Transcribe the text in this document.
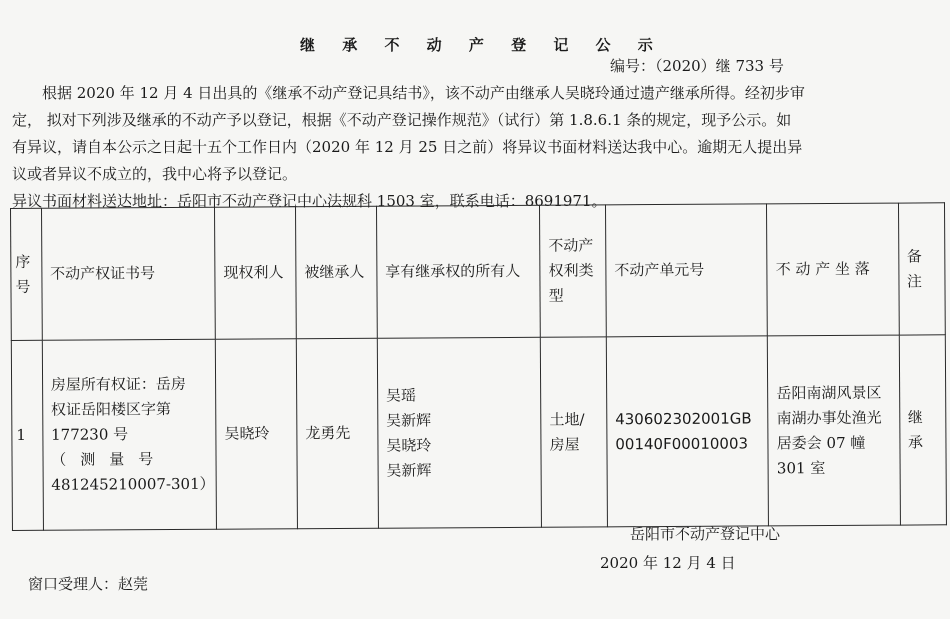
继 承 不 动 产 登 记 公 示
编号：（2020）继 733 号
根据 2020 年 12 月 4 日出具的《继承不动产登记具结书》，该不动产由继承人吴晓玲通过遗产继承所得。经初步审
定， 拟对下列涉及继承的不动产予以登记，根据《不动产登记操作规范》（试行）第 1.8.6.1 条的规定，现予公示。如
有异议，请自本公示之日起十五个工作日内（2020 年 12 月 25 日之前）将异议书面材料送达我中心。逾期无人提出异
议或者异议不成立的，我中心将予以登记。
异议书面材料送达地址：岳阳市不动产登记中心法规科 1503 室，联系电话：8691971。
序号	不动产权证书号	现权利人	被继承人	享有继承权的所有人	不动产权利类型	不动产单元号	不 动 产 坐 落	备注
1	房屋所有权证：岳房
权证岳阳楼区字第
177230 号
（测量号
481245210007-301）	吴晓玲	龙勇先	吴瑶
吴新辉
吴晓玲
吴新辉	土地/房屋	430602302001GB00140F00010003	岳阳南湖风景区南湖办事处渔光居委会 07 幢 301 室	继承
岳阳市不动产登记中心
2020 年 12 月 4 日
窗口受理人：赵莞
